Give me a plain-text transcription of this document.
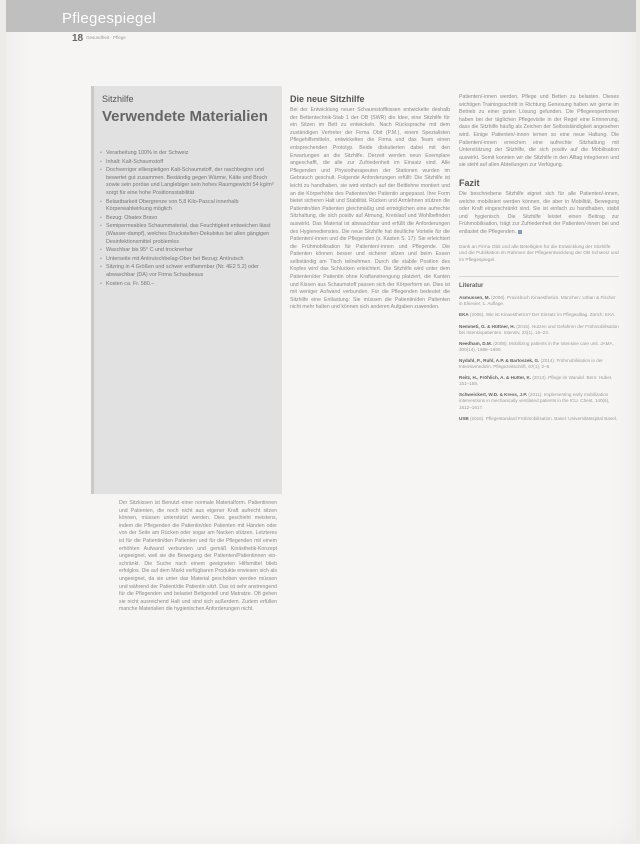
Pflegespiegel
18 Gesundheit · Pflege
Sitzhilfe
Verwendete Materialien
• Verarbeitung 100% in der Schweiz
• Inhalt: Kalt-Schaumstoff
• Dochverriger elliespieligen Kalt-Schaumstoff, der raschbeginn und bewertet gut zusammen. Beständig gegen Wärme, Kälte und Bruch sowie sein poröse und Langlebiger sein hohes Raumgewicht 54 kg/m³ sorgt für eine hohe Positionsstabilität
• Belastbarkeit Obergrenze von 5,8 Kilo-Pascal innerhalb Körperwahlwirkung möglich
• Bezug: Obatex Bravo
• Semipermeables Schaummaterial, das Feuchtigkeit entweichen lässt (Wasser-dampf), welches Druckstellen-Dekubitus bei allen gängigen Desinfektionsmittel problemlos
• Waschbar bis 95° C und trocknerbar
• Unterseite mit Antirutschbelag-Ober bei Bezug: Antirutsch
• Sitzring in 4 Größen und schwer entflammbar (Nr. 4E2 5.2) oder abwaschbar (DA) vor Firma Schaubeaus
• Kosten ca. Fr. 580.–

Der Sitzkissen ist Benutzt einer normale Materialform. Patientinnen und Patienten, die noch nicht aus eigener Kraft aufrecht sitzen können, müssen unterstützt werden. Dies geschieht meistens, indem die Pflegenden die Patientin/den Patienten mit Händen oder von der Seite am Rücken oder sogar am Nacken stützen. Letzteres ist für die Patientin/den Patienten und für die Pflegenden mit einem erhöhten Aufwand verbunden und gemäß Kinästhetik-Konzept ungeeignet, weil sie die Bewegung der Patienten/Patientinnen einschränkt. Die Suche nach einem geeigneten Hilfsmittel blieb erfolglos. Die auf dem Markt verfügbaren Produkte erwiesen sich als ungeeignet, da sie unter das Material geschoben werden müssen und während der Patient/die Patientin sitzt. Das ist sehr anstrengend für die Pflegenden und belastet Bettgestell und Matratze. Oft gehen sie nicht ausreichend Halt und sind sich außerdem. Zudem erfüllen manche Materialien die hygienischen Anforderungen nicht.

Die neue Sitzhilfe

Bei der Entwicklung neuer Schaumstoffkissen entwickelte deshalb der Bettentechnik-Stab 1 der OB (SWR) die Idee, eine Sitzhilfe für ein Sitzen im Bett zu entwickeln. Nach Rücksprache mit dem zuständigen Vertreter der Firma Obit (P.M.), einem Spezialisten Pflegehilfsmitteln, entwickelten die Firma und das Team einen entsprechenden Prototyp. Beide diskutierten dabei mit den Erwartungen an die Sitzhilfe. Derzeit werden neun Exemplare angeschafft, die alle zur Zufriedenheit im Einsatz sind. Alle Pflegenden und Physiotherapeuten der Stationen wurden im Gebrauch geschult. Folgende Anforderungen erfüllt: Die Sitzhilfe ist leicht zu handhaben, sie wird einfach auf der Bettlehne montiert und an die Körperhöhe des Patienten/der Patientin angepasst. Ihre Form bietet sicheren Halt und Stabilität. Rücken und Armlehnen stützen die Patientin/den Patienten gleichmäßig und ermöglichen eine aufrechte Sitzhaltung, die sich positiv auf Atmung, Kreislauf und Wohlbefinden auswirkt. Das Material ist abwaschbar und erfüllt die Anforderungen des Hygienedienstes. Die neue Sitzhilfe hat deutliche Vorteile für die Patienten/-innen und die Pflegenden (s. Kasten S. 17): Sie erleichtert die Frühmobilisation für Patienten/-innen und Pflegende. Die Patienten können besser und sicherer sitzen und beim Essen selbständig am Tisch teilnehmen. Durch die stabile Position des Kopfes wird das Schlucken erleichtert. Die Sitzhilfe wird unter dem Patienten/der Patientin ohne Kraftanstrengung platziert, die Kanten und Kissen aus Schaumstoff passen sich der Körperform an. Dies ist mit weniger Aufwand verbunden. Für die Pflegenden bedeutet die Sitzhilfe eine Entlastung: Sie müssen die Patientin/den Patienten nicht mehr halten und können sich anderen Aufgaben zuwenden.

Patienten/-innen werden, Pflege und Betten zu belasten. Dieses wichtigen Trainingsschritt in Richtung Genesung haben wir gerne im Betrieb zu einer guten Lösung gefunden. Die Pflegeexpertinnen haben bei der täglichen Pflegevisite in der Regel eine Erinnerung, dass die Sitzhilfe häufig als Zeichen der Selbstständigkeit angesehen wird. Einige Patienten/-innen lernen so eine neue Haltung. Die Patienten/-innen erreichen eine aufrechte Sitzhaltung mit Unterstützung der Sitzhilfe, die sich positiv auf die Mobilisation auswirkt. Somit konnten wir die Sitzhilfe in den Alltag integrieren und sie steht auf allen Abteilungen zur Verfügung.

Fazit

Die beschriebene Sitzhilfe eignet sich für alle Patienten/-innen, welche mobilisiert werden können, die aber in Mobilität, Bewegung oder Kraft eingeschränkt sind. Sie ist einfach zu handhaben, stabil und hygienisch. Die Sitzhilfe leistet einen Beitrag zur Frühmobilisation, trägt zur Zufriedenheit der Patienten/-innen bei und entlastet die Pflegenden.

Dank an Firma Obit und alle Beteiligten für die Entwicklung der Sitzhilfe und die Publikation im Rahmen der Pflegeentwicklung der OB Schweiz und im Pflegespiegel.
Literatur
Asmussen, M. (2006). Praxisbuch Kinaesthetics. München: Urban & Fischer in Elsevier, 1. Auflage.
EKA (2006). Wie ist Kinaesthetics? Der Einsatz im Pflegealltag. Zürich: EKA.
Nemmeti, G. & Hüttner, H. (2015). Nutzen und Gefahren der Frühmobilisation bei Intensivpatienten. Intensiv, 23(1), 15–23.
Needham, D.M. (2008). Mobilizing patients in the intensive care unit. JAMA, 300(14), 1685–1690.
Nydahl, P., Ruhl, A.P. & Bartoszek, G. (2014). Frühmobilisation in der Intensivmedizin. Pflegezeitschrift, 67(1), 2–6.
Reitz, H., Fröhlich, A. & Hutter, K. (2013). Pflege im Wandel. Bern: Huber, 151–158.
Schweickert, W.D. & Kress, J.P. (2011). Implementing early mobilization interventions in mechanically ventilated patients in the ICU. Chest, 140(6), 1612–1617.
USB (2016). Pflegestandard Frühmobilisation. Basel: Universitätsspital Basel.
